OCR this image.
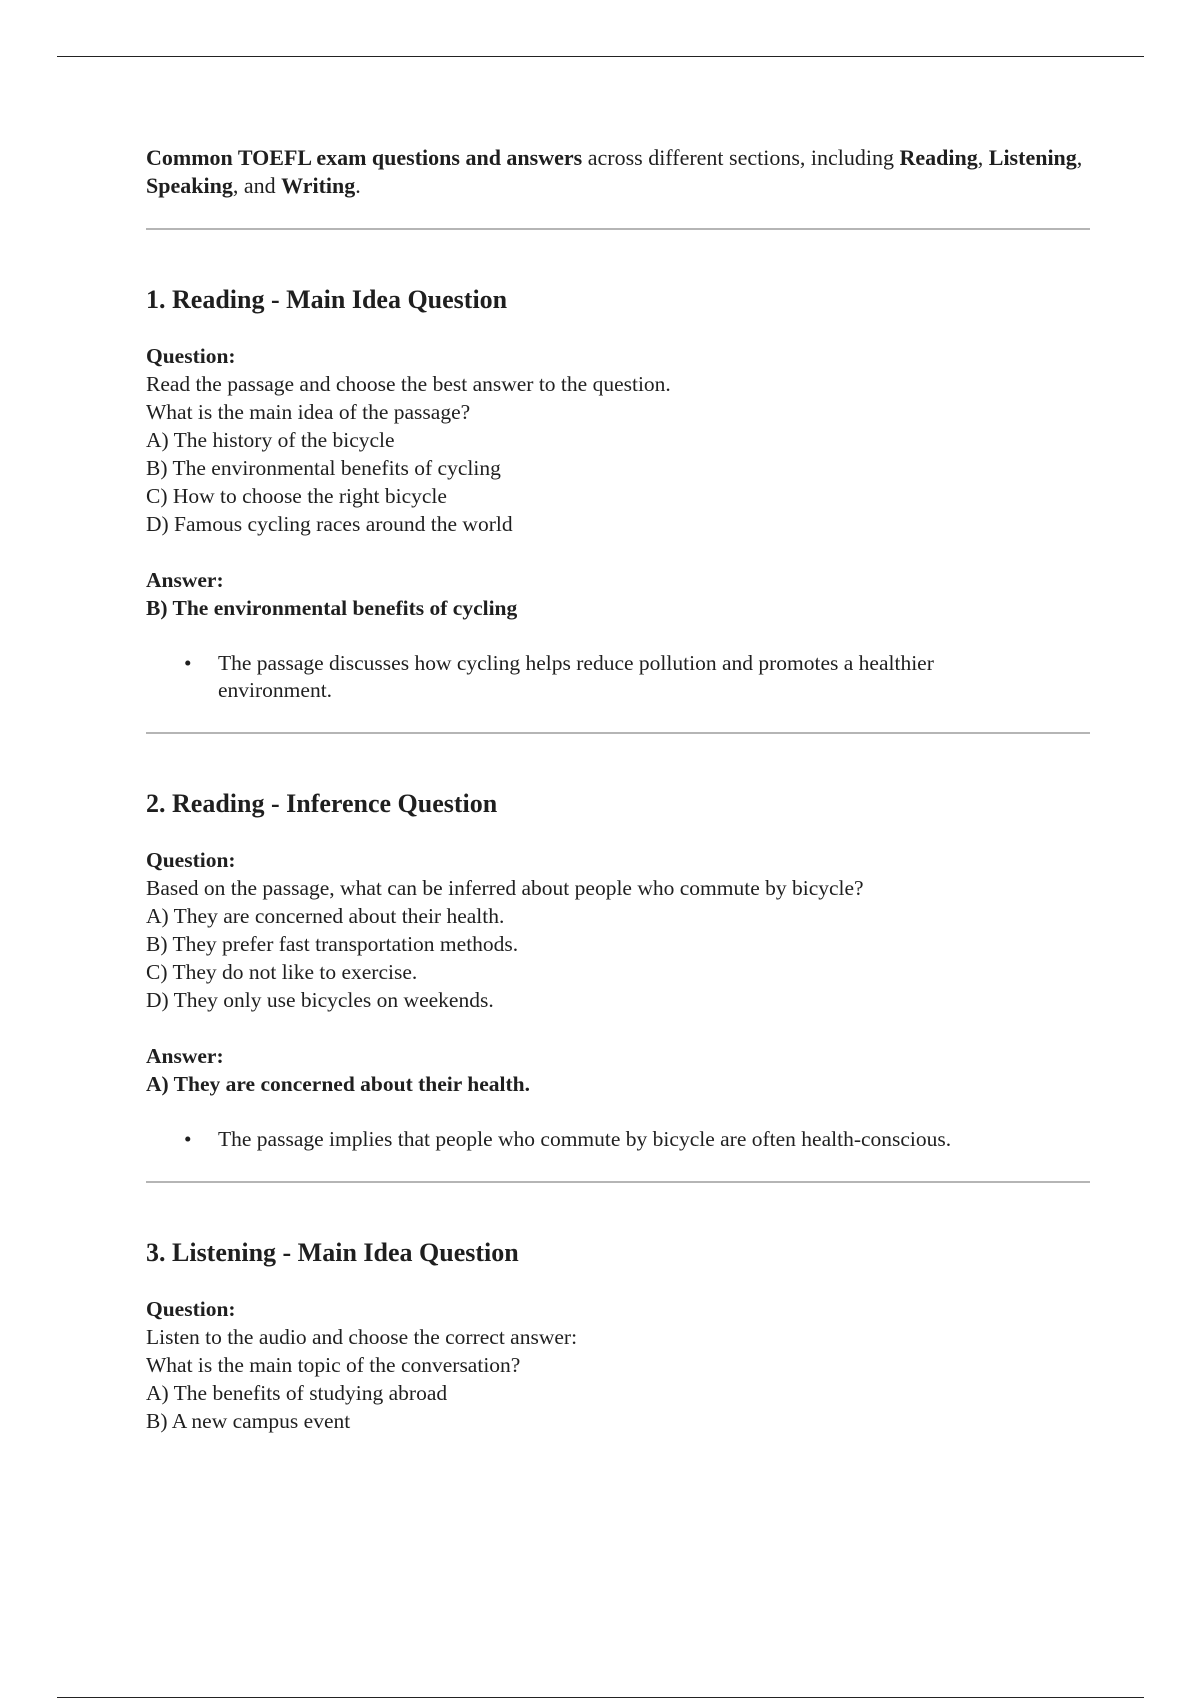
Common TOEFL exam questions and answers across different sections, including Reading, Listening, Speaking, and Writing.

1. Reading - Main Idea Question
Question:
Read the passage and choose the best answer to the question.
What is the main idea of the passage?
A) The history of the bicycle
B) The environmental benefits of cycling
C) How to choose the right bicycle
D) Famous cycling races around the world
Answer:
B) The environmental benefits of cycling
• The passage discusses how cycling helps reduce pollution and promotes a healthier
environment.
2. Reading - Inference Question
Question:
Based on the passage, what can be inferred about people who commute by bicycle?
A) They are concerned about their health.
B) They prefer fast transportation methods.
C) They do not like to exercise.
D) They only use bicycles on weekends.
Answer:
A) They are concerned about their health.
• The passage implies that people who commute by bicycle are often health-conscious.
3. Listening - Main Idea Question
Question:
Listen to the audio and choose the correct answer:
What is the main topic of the conversation?
A) The benefits of studying abroad
B) A new campus event
